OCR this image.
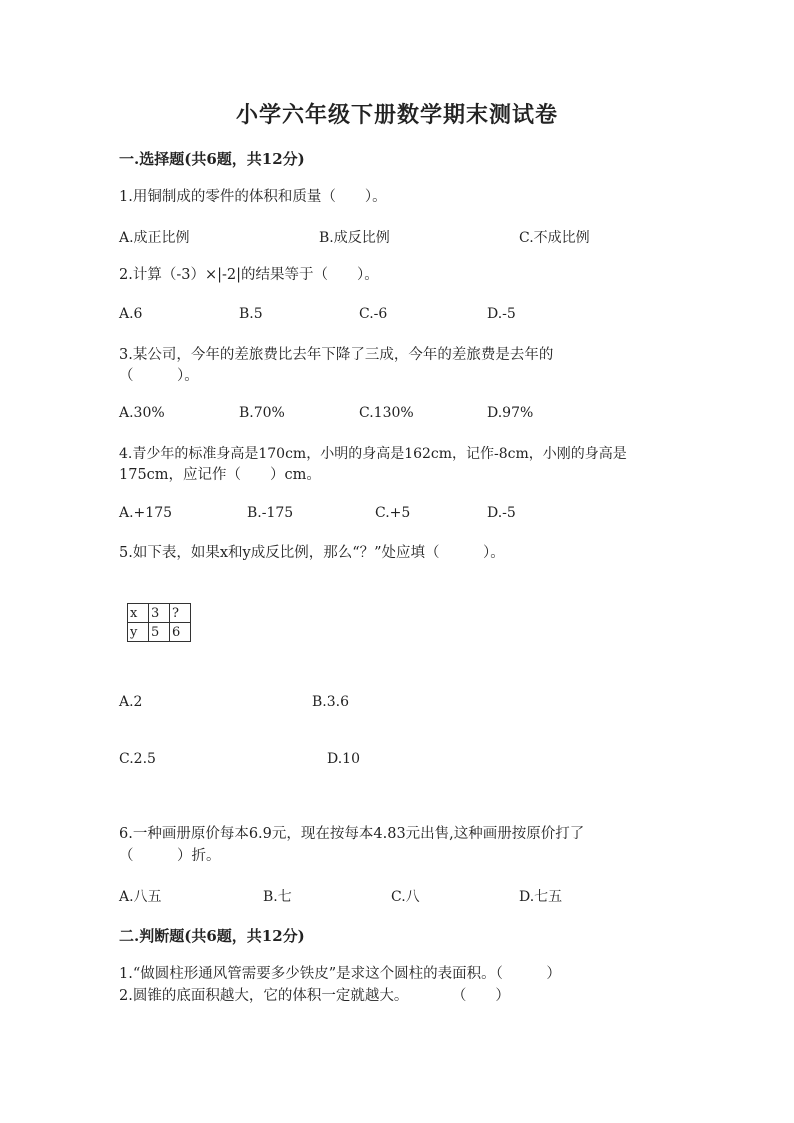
小学六年级下册数学期末测试卷
一.选择题(共6题，共12分)
1.用铜制成的零件的体积和质量（　　）。
A.成正比例	B.成反比例	C.不成比例
2.计算（-3）×|-2|的结果等于（　　）。
A.6	B.5	C.-6	D.-5
3.某公司，今年的差旅费比去年下降了三成，今年的差旅费是去年的
（　　　）。
A.30%	B.70%	C.130%	D.97%
4.青少年的标准身高是170cm，小明的身高是162cm，记作-8cm，小刚的身高是
175cm，应记作（　　）cm。
A.+175	B.-175	C.+5	D.-5
5.如下表，如果x和y成反比例，那么“？”处应填（　　　）。
x	3	?
y	5	6
A.2	B.3.6
C.2.5	D.10
6.一种画册原价每本6.9元，现在按每本4.83元出售,这种画册按原价打了
（　　　）折。
A.八五	B.七	C.八	D.七五
二.判断题(共6题，共12分)
1.“做圆柱形通风管需要多少铁皮”是求这个圆柱的表面积。（　　　）
2.圆锥的底面积越大，它的体积一定就越大。　　　　（　　）
